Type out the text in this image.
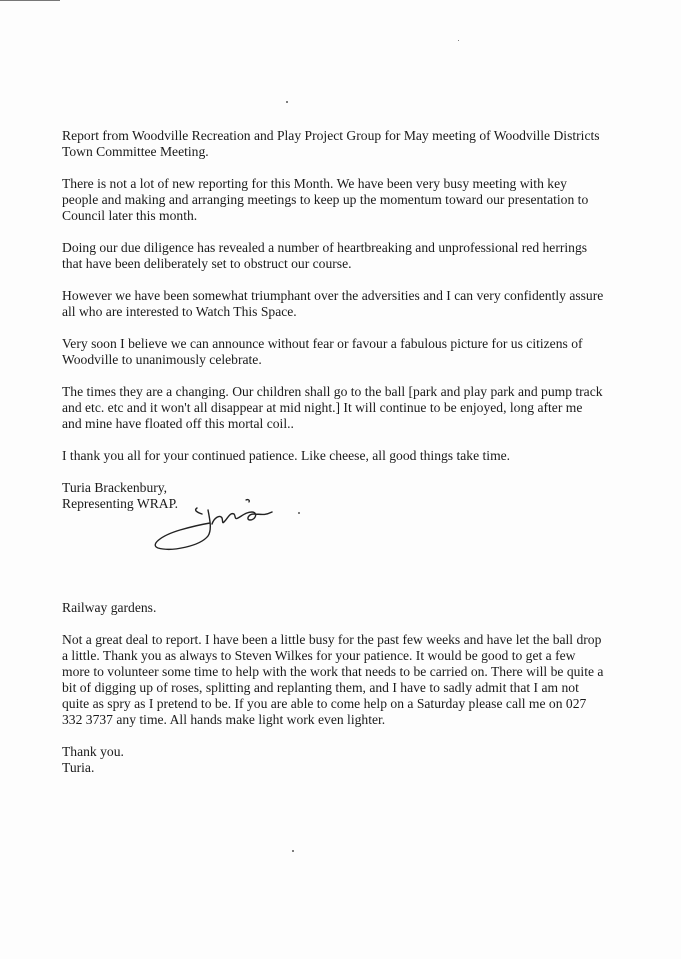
Report from Woodville Recreation and Play Project Group for May meeting of Woodville Districts
Town Committee Meeting.

There is not a lot of new reporting for this Month. We have been very busy meeting with key
people and making and arranging meetings to keep up the momentum toward our presentation to
Council later this month.

Doing our due diligence has revealed a number of heartbreaking and unprofessional red herrings
that have been deliberately set to obstruct our course.

However we have been somewhat triumphant over the adversities and I can very confidently assure
all who are interested to Watch This Space.

Very soon I believe we can announce without fear or favour a fabulous picture for us citizens of
Woodville to unanimously celebrate.

The times they are a changing. Our children shall go to the ball [park and play park and pump track
and etc. etc and it won't all disappear at mid night.] It will continue to be enjoyed, long after me
and mine have floated off this mortal coil..

I thank you all for your continued patience. Like cheese, all good things take time.

Turia Brackenbury,
Representing WRAP.

Railway gardens.

Not a great deal to report. I have been a little busy for the past few weeks and have let the ball drop
a little. Thank you as always to Steven Wilkes for your patience. It would be good to get a few
more to volunteer some time to help with the work that needs to be carried on. There will be quite a
bit of digging up of roses, splitting and replanting them, and I have to sadly admit that I am not
quite as spry as I pretend to be. If you are able to come help on a Saturday please call me on 027
332 3737 any time. All hands make light work even lighter.

Thank you.
Turia.
